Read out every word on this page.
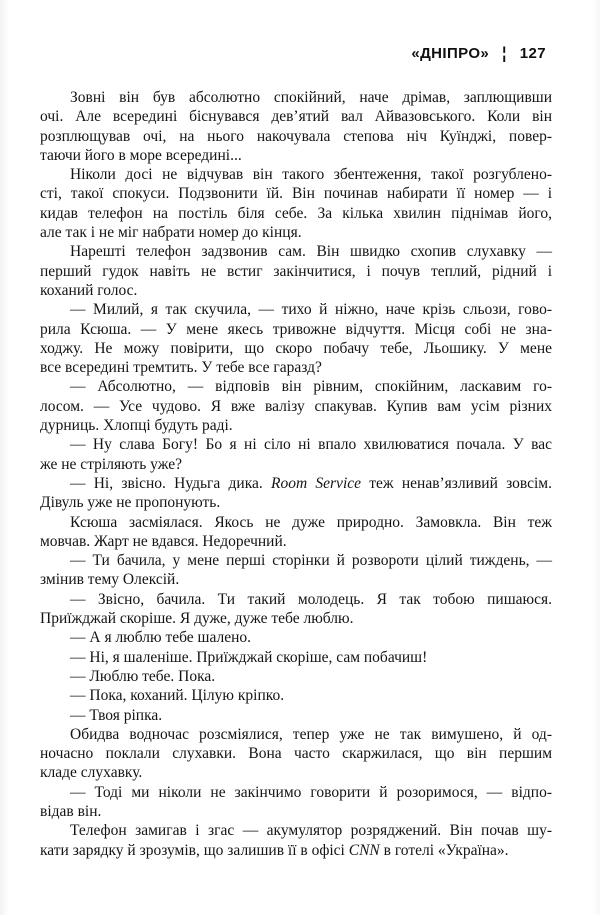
«ДНІПРО» ¦ 127
Зовні він був абсолютно спокійний, наче дрімав, заплющивши
очі. Але всередині біснувався дев’ятий вал Айвазовського. Коли він
розплющував очі, на нього накочувала степова ніч Куїнджі, повер-
таючи його в море всередині...
Ніколи досі не відчував він такого збентеження, такої розгублено-
сті, такої спокуси. Подзвонити їй. Він починав набирати її номер — і
кидав телефон на постіль біля себе. За кілька хвилин піднімав його,
але так і не міг набрати номер до кінця.
Нарешті телефон задзвонив сам. Він швидко схопив слухавку —
перший гудок навіть не встиг закінчитися, і почув теплий, рідний і
коханий голос.
— Милий, я так скучила, — тихо й ніжно, наче крізь сльози, гово-
рила Ксюша. — У мене якесь тривожне відчуття. Місця собі не зна-
ходжу. Не можу повірити, що скоро побачу тебе, Льошику. У мене
все всередині тремтить. У тебе все гаразд?
— Абсолютно, — відповів він рівним, спокійним, ласкавим го-
лосом. — Усе чудово. Я вже валізу спакував. Купив вам усім різних
дурниць. Хлопці будуть раді.
— Ну слава Богу! Бо я ні сіло ні впало хвилюватися почала. У вас
же не стріляють уже?
— Ні, звісно. Нудьга дика. Room Service теж ненав’язливий зовсім.
Дівуль уже не пропонують.
Ксюша засміялася. Якось не дуже природно. Замовкла. Він теж
мовчав. Жарт не вдався. Недоречний.
— Ти бачила, у мене перші сторінки й розвороти цілий тиждень, —
змінив тему Олексій.
— Звісно, бачила. Ти такий молодець. Я так тобою пишаюся.
Приїжджай скоріше. Я дуже, дуже тебе люблю.
— А я люблю тебе шалено.
— Ні, я шаленіше. Приїжджай скоріше, сам побачиш!
— Люблю тебе. Пока.
— Пока, коханий. Цілую кріпко.
— Твоя ріпка.
Обидва водночас розсміялися, тепер уже не так вимушено, й од-
ночасно поклали слухавки. Вона часто скаржилася, що він першим
кладе слухавку.
— Тоді ми ніколи не закінчимо говорити й розоримося, — відпо-
відав він.
Телефон замигав і згас — акумулятор розряджений. Він почав шу-
кати зарядку й зрозумів, що залишив її в офісі CNN в готелі «Україна».
